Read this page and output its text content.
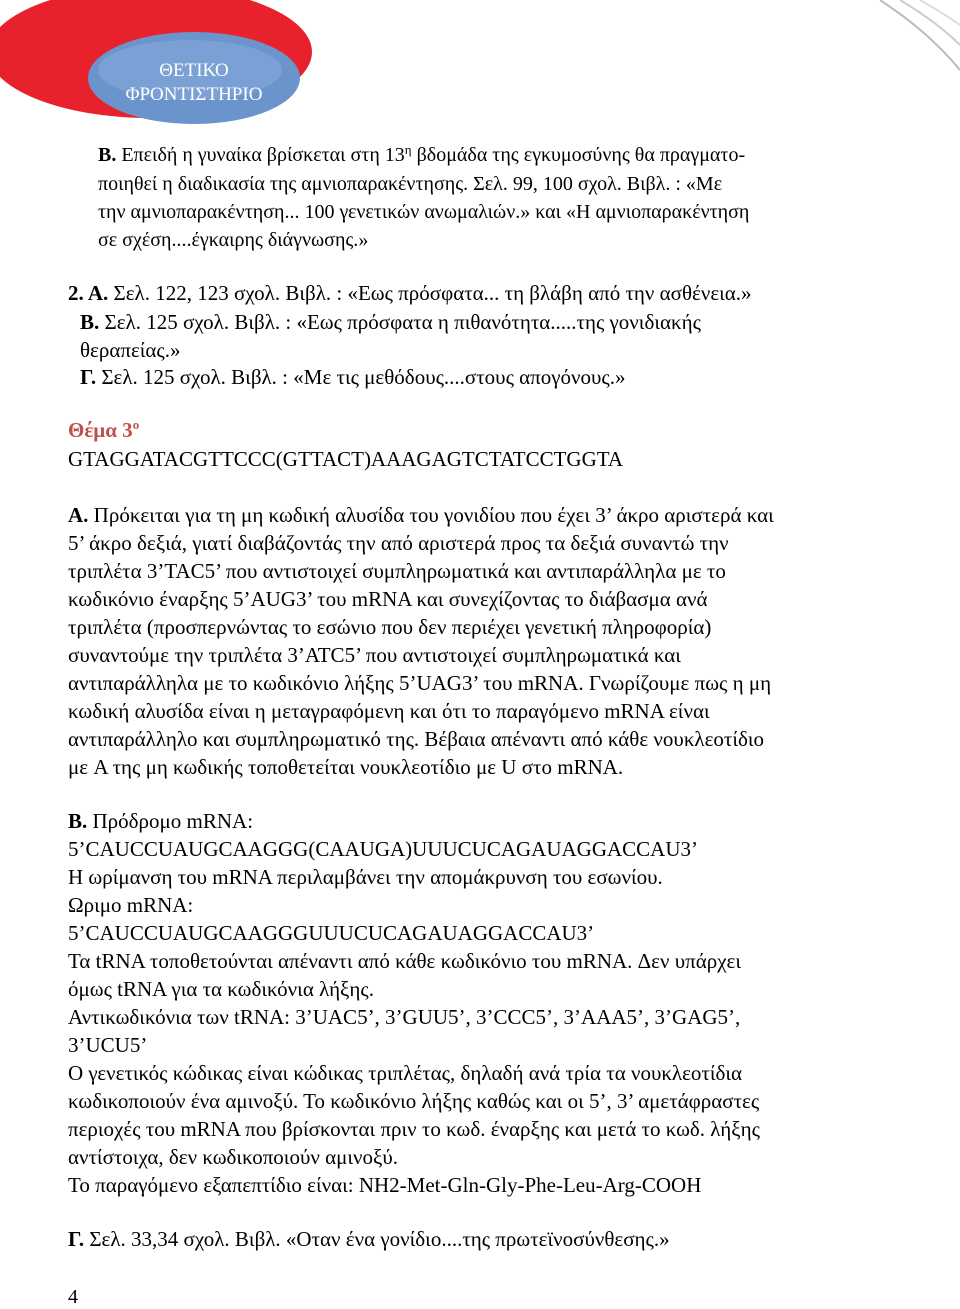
ΘΕΤΙΚΟ
ΦΡΟΝΤΙΣΤΗΡΙΟ
Β. Επειδή η γυναίκα βρίσκεται στη $13^\eta$ βδομάδα της εγκυμοσύνης θα πραγματο-
ποιηθεί η διαδικασία της αμνιοπαρακέντησης. Σελ. 99, 100 σχολ. Βιβλ. : «Με
την αμνιοπαρακέντηση... 100 γενετικών ανωμαλιών.» και «Η αμνιοπαρακέντηση
σε σχέση....έγκαιρης διάγνωσης.»
2. Α. Σελ. 122, 123 σχολ. Βιβλ. : «Εως πρόσφατα... τη βλάβη από την ασθένεια.»
Β. Σελ. 125 σχολ. Βιβλ. : «Εως πρόσφατα η πιθανότητα.....της γονιδιακής
θεραπείας.»
Γ. Σελ. 125 σχολ. Βιβλ. : «Με τις μεθόδους....στους απογόνους.»
Θέμα $3^o$
GTAGGATACGTTCCC(GTTACT)AAAGAGTCTATCCTGGTA
Α. Πρόκειται για τη μη κωδική αλυσίδα του γονιδίου που έχει 3’ άκρο αριστερά και
5’ άκρο δεξιά, γιατί διαβάζοντάς την από αριστερά προς τα δεξιά συναντώ την
τριπλέτα 3’TAC5’ που αντιστοιχεί συμπληρωματικά και αντιπαράλληλα με το
κωδικόνιο έναρξης 5’AUG3’ του mRNA και συνεχίζοντας το διάβασμα ανά
τριπλέτα (προσπερνώντας το εσώνιο που δεν περιέχει γενετική πληροφορία)
συναντούμε την τριπλέτα 3’ATC5’ που αντιστοιχεί συμπληρωματικά και
αντιπαράλληλα με το κωδικόνιο λήξης 5’UAG3’ του mRNA. Γνωρίζουμε πως η μη
κωδική αλυσίδα είναι η μεταγραφόμενη και ότι το παραγόμενο mRNA είναι
αντιπαράλληλο και συμπληρωματικό της. Βέβαια απέναντι από κάθε νουκλεοτίδιο
με A της μη κωδικής τοποθετείται νουκλεοτίδιο με U στο mRNA.
Β. Πρόδρομο mRNA:
5’CAUCCUAUGCAAGGG(CAAUGA)UUUCUCAGAUAGGACCAU3’
Η ωρίμανση του mRNA περιλαμβάνει την απομάκρυνση του εσωνίου.
Ωριμο mRNA:
5’CAUCCUAUGCAAGGGUUUCUCAGAUAGGACCAU3’
Τα tRNA τοποθετούνται απέναντι από κάθε κωδικόνιο του mRNA. Δεν υπάρχει
όμως tRNA για τα κωδικόνια λήξης.
Αντικωδικόνια των tRNA: 3’UAC5’, 3’GUU5’, 3’CCC5’, 3’AAA5’, 3’GAG5’,
3’UCU5’
Ο γενετικός κώδικας είναι κώδικας τριπλέτας, δηλαδή ανά τρία τα νουκλεοτίδια
κωδικοποιούν ένα αμινοξύ. Το κωδικόνιο λήξης καθώς και οι 5’, 3’ αμετάφραστες
περιοχές του mRNA που βρίσκονται πριν το κωδ. έναρξης και μετά το κωδ. λήξης
αντίστοιχα, δεν κωδικοποιούν αμινοξύ.
Το παραγόμενο εξαπεπτίδιο είναι: NH2-Met-Gln-Gly-Phe-Leu-Arg-COOH
Γ. Σελ. 33,34 σχολ. Βιβλ. «Οταν ένα γονίδιο....της πρωτεϊνοσύνθεσης.»
4
